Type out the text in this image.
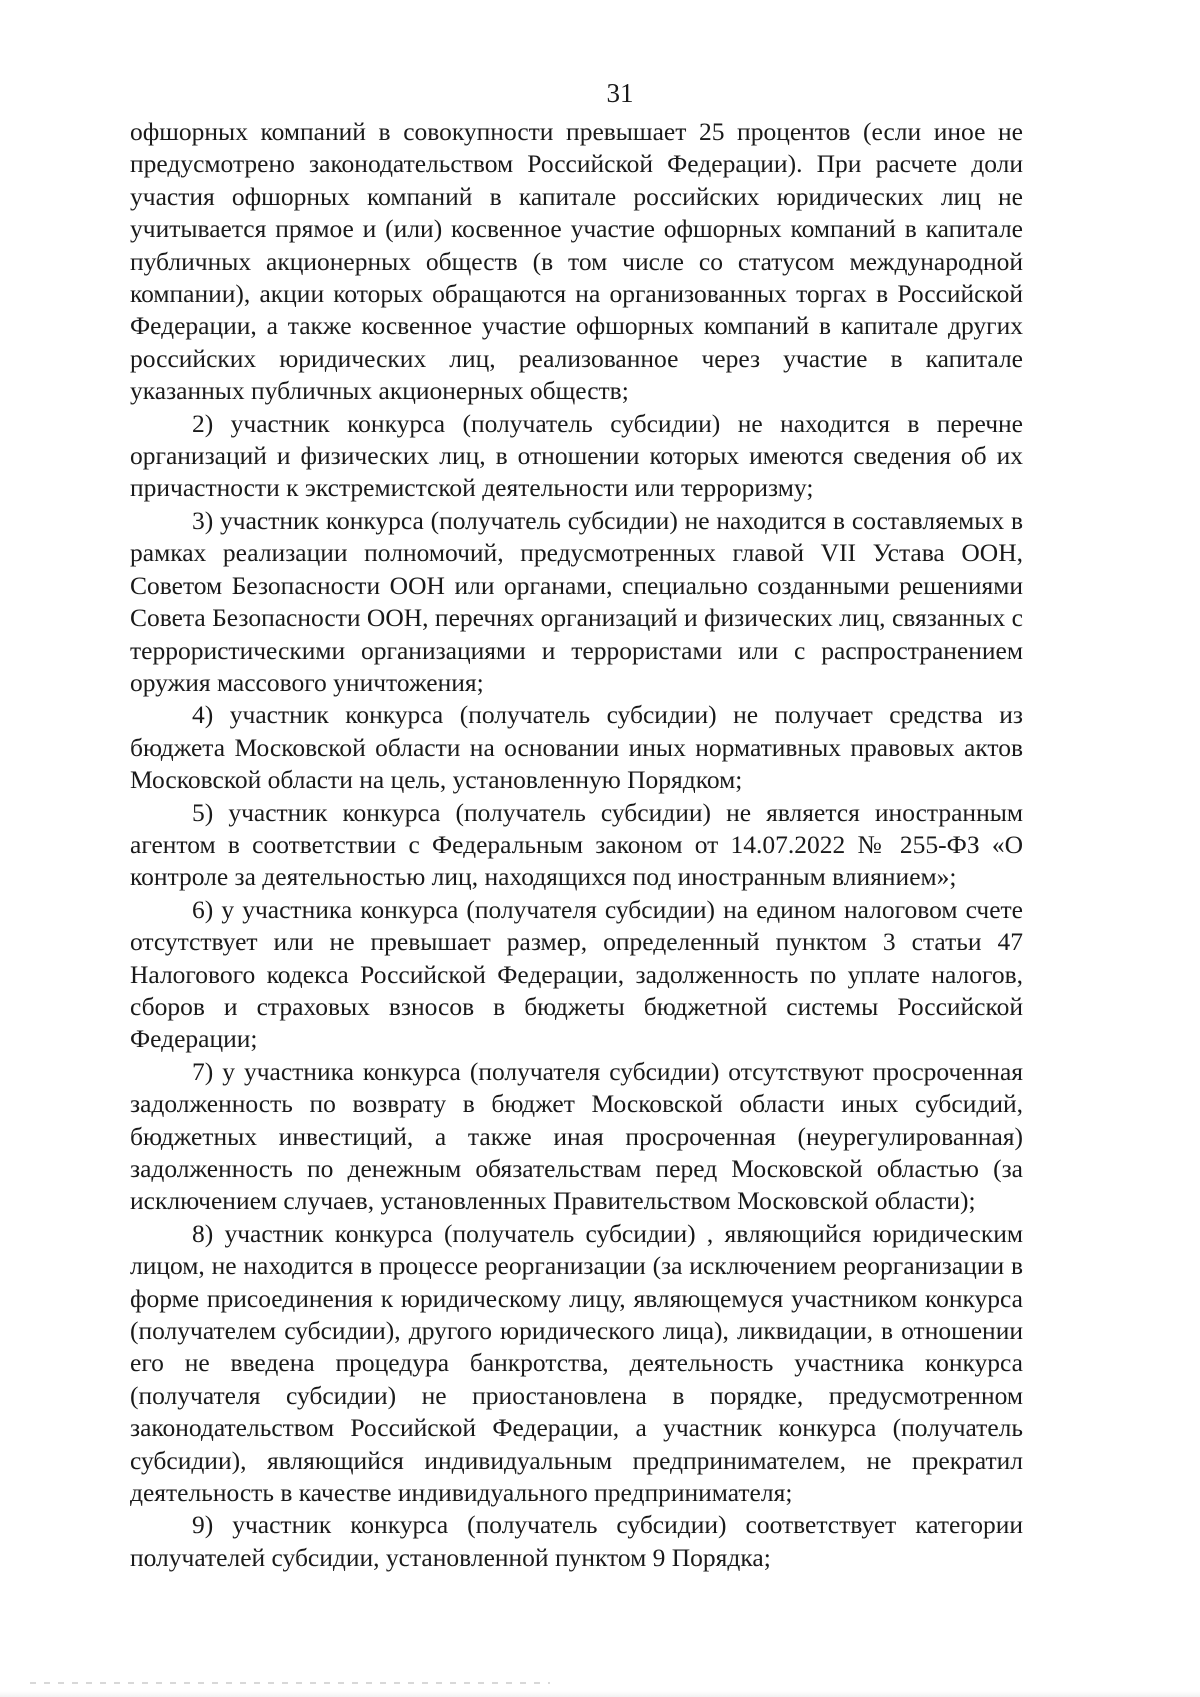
31

офшорных компаний в совокупности превышает 25 процентов (если иное не предусмотрено законодательством Российской Федерации). При расчете доли участия офшорных компаний в капитале российских юридических лиц не учитывается прямое и (или) косвенное участие офшорных компаний в капитале публичных акционерных обществ (в том числе со статусом международной компании), акции которых обращаются на организованных торгах в Российской Федерации, а также косвенное участие офшорных компаний в капитале других российских юридических лиц, реализованное через участие в капитале указанных публичных акционерных обществ;

2) участник конкурса (получатель субсидии) не находится в перечне организаций и физических лиц, в отношении которых имеются сведения об их причастности к экстремистской деятельности или терроризму;

3) участник конкурса (получатель субсидии) не находится в составляемых в рамках реализации полномочий, предусмотренных главой VII Устава ООН, Советом Безопасности ООН или органами, специально созданными решениями Совета Безопасности ООН, перечнях организаций и физических лиц, связанных с террористическими организациями и террористами или с распространением оружия массового уничтожения;

4) участник конкурса (получатель субсидии) не получает средства из бюджета Московской области на основании иных нормативных правовых актов Московской области на цель, установленную Порядком;

5) участник конкурса (получатель субсидии) не является иностранным агентом в соответствии с Федеральным законом от 14.07.2022 № 255-ФЗ «О контроле за деятельностью лиц, находящихся под иностранным влиянием»;

6) у участника конкурса (получателя субсидии) на едином налоговом счете отсутствует или не превышает размер, определенный пунктом 3 статьи 47 Налогового кодекса Российской Федерации, задолженность по уплате налогов, сборов и страховых взносов в бюджеты бюджетной системы Российской Федерации;

7) у участника конкурса (получателя субсидии) отсутствуют просроченная задолженность по возврату в бюджет Московской области иных субсидий, бюджетных инвестиций, а также иная просроченная (неурегулированная) задолженность по денежным обязательствам перед Московской областью (за исключением случаев, установленных Правительством Московской области);

8) участник конкурса (получатель субсидии) , являющийся юридическим лицом, не находится в процессе реорганизации (за исключением реорганизации в форме присоединения к юридическому лицу, являющемуся участником конкурса (получателем субсидии), другого юридического лица), ликвидации, в отношении его не введена процедура банкротства, деятельность участника конкурса (получателя субсидии) не приостановлена в порядке, предусмотренном законодательством Российской Федерации, а участник конкурса (получатель субсидии), являющийся индивидуальным предпринимателем, не прекратил деятельность в качестве индивидуального предпринимателя;

9) участник конкурса (получатель субсидии) соответствует категории получателей субсидии, установленной пунктом 9 Порядка;
